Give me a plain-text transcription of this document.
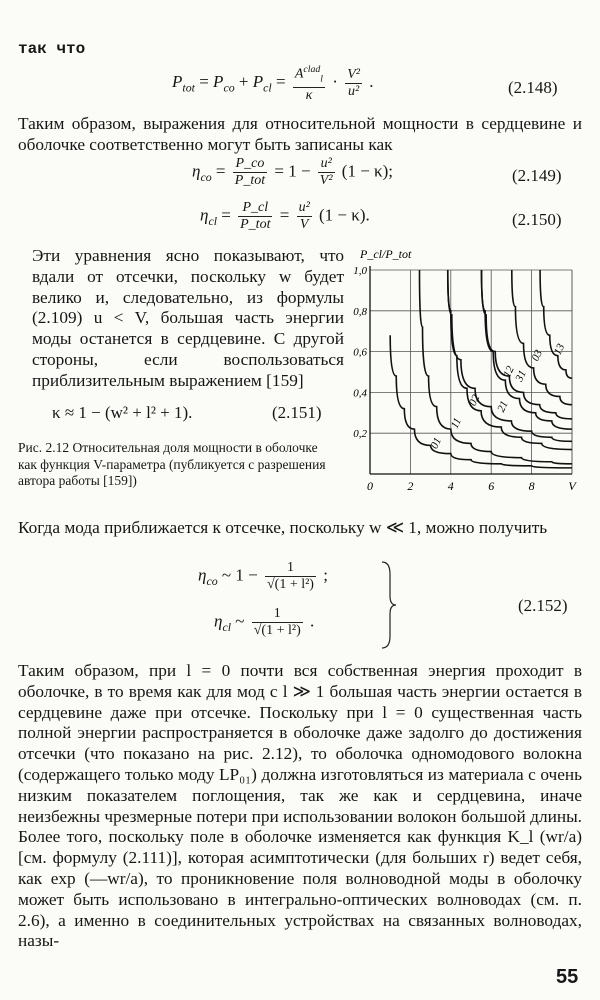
так что
$P_{tot} = P_{co} + P_{cl} = \frac{A^{clad}_l}{\kappa} \cdot \frac{\text{V²}}{\text{u²}}$ .	(2.148)
Таким образом, выражения для относительной мощности в сердцевине и оболочке соответственно могут быть записаны как
$\eta_{co} = \frac{P\_co}{\text{P\_tot}} = 1 - \frac{\text{u²}}{\text{V²}} (1 - \kappa)$;	(2.149)
$\eta_{cl} = \frac{P\_cl}{\text{P\_tot}} = \frac{\text{u²}}{V} (1 - \kappa)$.	(2.150)
Эти уравнения ясно показывают, что вдали от отсечки, поскольку w будет велико и, следовательно, из формулы (2.109) u < V, большая часть энергии моды останется в сердцевине. С другой стороны, если воспользоваться приблизительным выражением [159]
κ ≈ 1 − (w² + l² + 1).	(2.151)
Рис. 2.12 Относительная доля мощности в оболочке как функция V-параметра (публикуется с разрешения автора работы [159])	0	2	4	6	8	V
0,2
0,4
0,6
0,8
1,0
P_cl/P_tot
01
11
02 21
12
31
03 13
Когда мода приближается к отсечке, поскольку w ≪ 1, можно получить
$\eta_{co}$ ~ $1 - \frac{1}{\text{√(1 + l²)}}$ ;
$\eta_{cl}$ ~ $\frac{1}{\text{√(1 + l²)}}$ .
(2.152)
Таким образом, при l = 0 почти вся собственная энергия проходит в оболочке, в то время как для мод с l ≫ 1 большая часть энергии остается в сердцевине даже при отсечке. Поскольку при l = 0 существенная часть полной энергии распространяется в оболочке даже задолго до достижения отсечки (что показано на рис. 2.12), то оболочка одномодового волокна (содержащего только моду LP₀₁) должна изготовляться из материала с очень низким показателем поглощения, так же как и сердцевина, иначе неизбежны чрезмерные потери при использовании волокон большой длины. Более того, поскольку поле в оболочке изменяется как функция K_l (wr/a) [см. формулу (2.111)], которая асимптотически (для больших r) ведет себя, как exp (—wr/a), то проникновение поля волноводной моды в оболочку может быть использовано в интегрально-оптических волноводах (см. п. 2.6), а именно в соединительных устройствах на связанных волноводах, назы-
55
